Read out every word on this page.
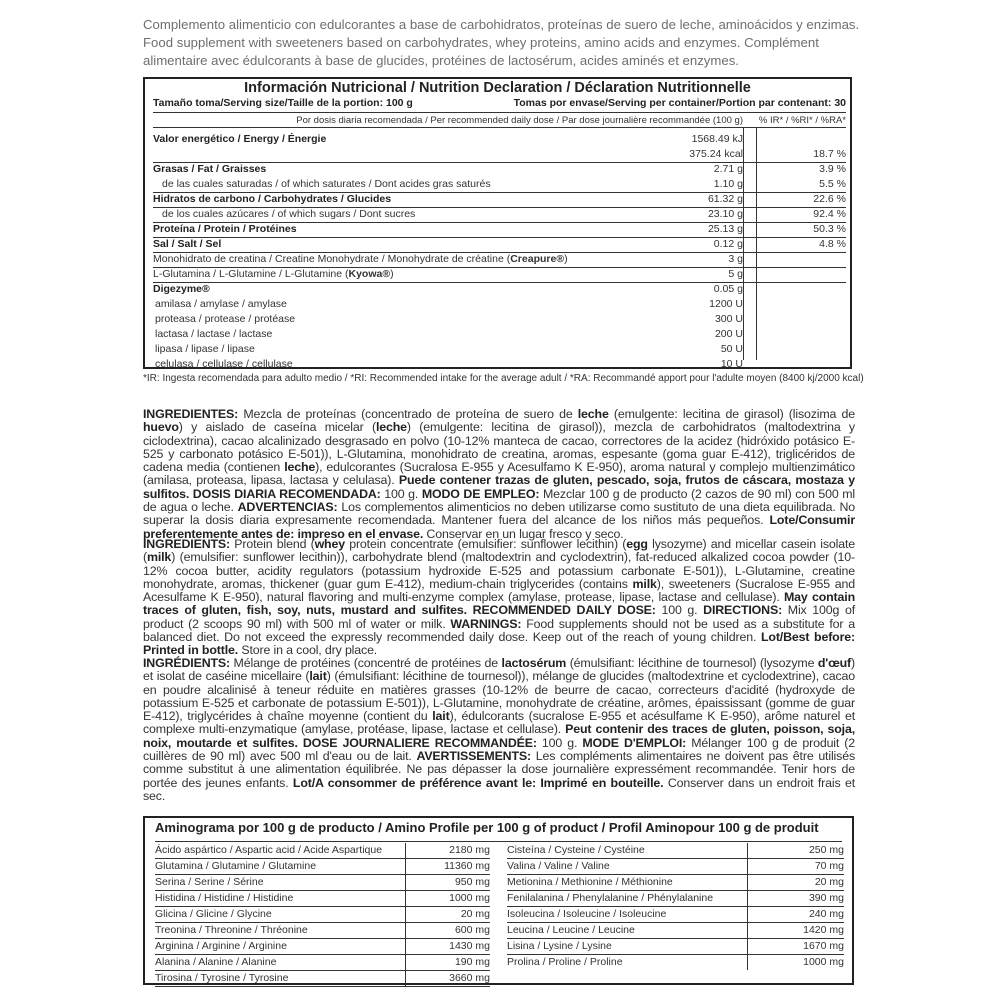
Complemento alimenticio con edulcorantes a base de carbohidratos, proteínas de suero de leche, aminoácidos y enzimas. Food supplement with sweeteners based on carbohydrates, whey proteins, amino acids and enzymes. Complément alimentaire avec édulcorants à base de glucides, protéines de lactosérum, acides aminés et enzymes.
Información Nutricional / Nutrition Declaration / Déclaration Nutritionnelle
Tamaño toma/Serving size/Taille de la portion: 100 g	Tomas por envase/Serving per container/Portion par contenant: 30
Por dosis diaria recomendada / Per recommended daily dose / Par dose journalière recommandée (100 g) % IR* / %RI* / %RA*
Valor energético / Energy / Énergie	1568.49 kJ
375.24 kcal	18.7 %
Grasas / Fat / Graisses	2.71 g	3.9 %
de las cuales saturadas / of which saturates / Dont acides gras saturés	1.10 g	5.5 %
Hidratos de carbono / Carbohydrates / Glucides	61.32 g	22.6 %
de los cuales azúcares / of which sugars / Dont sucres	23.10 g	92.4 %
Proteína / Protein / Protéines	25.13 g	50.3 %
Sal / Salt / Sel	0.12 g	4.8 %
Monohidrato de creatina / Creatine Monohydrate / Monohydrate de créatine (Creapure®)	3 g
L-Glutamina / L-Glutamine / L-Glutamine (Kyowa®)	5 g
Digezyme®	0.05 g
amilasa / amylase / amylase	1200 U
proteasa / protease / protéase	300 U
lactasa / lactase / lactase	200 U
lipasa / lipase / lipase	50 U
celulasa / cellulase / cellulase	10 U
*IR: Ingesta recomendada para adulto medio / *RI: Recommended intake for the average adult / *RA: Recommandé apport pour l'adulte moyen (8400 kj/2000 kcal)
INGREDIENTES: Mezcla de proteínas (concentrado de proteína de suero de leche (emulgente: lecitina de girasol) (lisozima de huevo) y aislado de caseína micelar (leche) (emulgente: lecitina de girasol)), mezcla de carbohidratos (maltodextrina y ciclodextrina), cacao alcalinizado desgrasado en polvo (10-12% manteca de cacao, correctores de la acidez (hidróxido potásico E-525 y carbonato potásico E-501)), L-Glutamina, monohidrato de creatina, aromas, espesante (goma guar E-412), triglicéridos de cadena media (contienen leche), edulcorantes (Sucralosa E-955 y Acesulfamo K E-950), aroma natural y complejo multienzimático (amilasa, proteasa, lipasa, lactasa y celulasa). Puede contener trazas de gluten, pescado, soja, frutos de cáscara, mostaza y sulfitos. DOSIS DIARIA RECOMENDADA: 100 g. MODO DE EMPLEO: Mezclar 100 g de producto (2 cazos de 90 ml) con 500 ml de agua o leche. ADVERTENCIAS: Los complementos alimenticios no deben utilizarse como sustituto de una dieta equilibrada. No superar la dosis diaria expresamente recomendada. Mantener fuera del alcance de los niños más pequeños. Lote/Consumir preferentemente antes de: impreso en el envase. Conservar en un lugar fresco y seco.
INGREDIENTS: Protein blend (whey protein concentrate (emulsifier: sunflower lecithin) (egg lysozyme) and micellar casein isolate (milk) (emulsifier: sunflower lecithin)), carbohydrate blend (maltodextrin and cyclodextrin), fat-reduced alkalized cocoa powder (10-12% cocoa butter, acidity regulators (potassium hydroxide E-525 and potassium carbonate E-501)), L-Glutamine, creatine monohydrate, aromas, thickener (guar gum E-412), medium-chain triglycerides (contains milk), sweeteners (Sucralose E-955 and Acesulfame K E-950), natural flavoring and multi-enzyme complex (amylase, protease, lipase, lactase and cellulase). May contain traces of gluten, fish, soy, nuts, mustard and sulfites. RECOMMENDED DAILY DOSE: 100 g. DIRECTIONS: Mix 100g of product (2 scoops 90 ml) with 500 ml of water or milk. WARNINGS: Food supplements should not be used as a substitute for a balanced diet. Do not exceed the expressly recommended daily dose. Keep out of the reach of young children. Lot/Best before: Printed in bottle. Store in a cool, dry place.
INGRÉDIENTS: Mélange de protéines (concentré de protéines de lactosérum (émulsifiant: lécithine de tournesol) (lysozyme d'œuf) et isolat de caséine micellaire (lait) (émulsifiant: lécithine de tournesol)), mélange de glucides (maltodextrine et cyclodextrine), cacao en poudre alcalinisé à teneur réduite en matières grasses (10-12% de beurre de cacao, correcteurs d'acidité (hydroxyde de potassium E-525 et carbonate de potassium E-501)), L-Glutamine, monohydrate de créatine, arômes, épaississant (gomme de guar E-412), triglycérides à chaîne moyenne (contient du lait), édulcorants (sucralose E-955 et acésulfame K E-950), arôme naturel et complexe multi-enzymatique (amylase, protéase, lipase, lactase et cellulase). Peut contenir des traces de gluten, poisson, soja, noix, moutarde et sulfites. DOSE JOURNALIERE RECOMMANDÉE: 100 g. MODE D'EMPLOI: Mélanger 100 g de produit (2 cuillères de 90 ml) avec 500 ml d'eau ou de lait. AVERTISSEMENTS: Les compléments alimentaires ne doivent pas être utilisés comme substitut à une alimentation équilibrée. Ne pas dépasser la dose journalière expressément recommandée. Tenir hors de portée des jeunes enfants. Lot/A consommer de préférence avant le: Imprimé en bouteille. Conserver dans un endroit frais et sec.
Aminograma por 100 g de producto / Amino Profile per 100 g of product / Profil Aminopour 100 g de produit
Ácido aspártico / Aspartic acid / Acide Aspartique	2180 mg
Glutamina / Glutamine / Glutamine	11360 mg
Serina / Serine / Sérine	950 mg
Histidina / Histidine / Histidine	1000 mg
Glicina / Glicine / Glycine	20 mg
Treonina / Threonine / Thréonine	600 mg
Arginina / Arginine / Arginine	1430 mg
Alanina / Alanine / Alanine	190 mg
Tirosina / Tyrosine / Tyrosine	3660 mg
Cisteína / Cysteine / Cystéine	250 mg
Valina / Valine / Valine	70 mg
Metionina / Methionine / Méthionine	20 mg
Fenilalanina / Phenylalanine / Phénylalanine	390 mg
Isoleucina / Isoleucine / Isoleucine	240 mg
Leucina / Leucine / Leucine	1420 mg
Lisina / Lysine / Lysine	1670 mg
Prolina / Proline / Proline	1000 mg
